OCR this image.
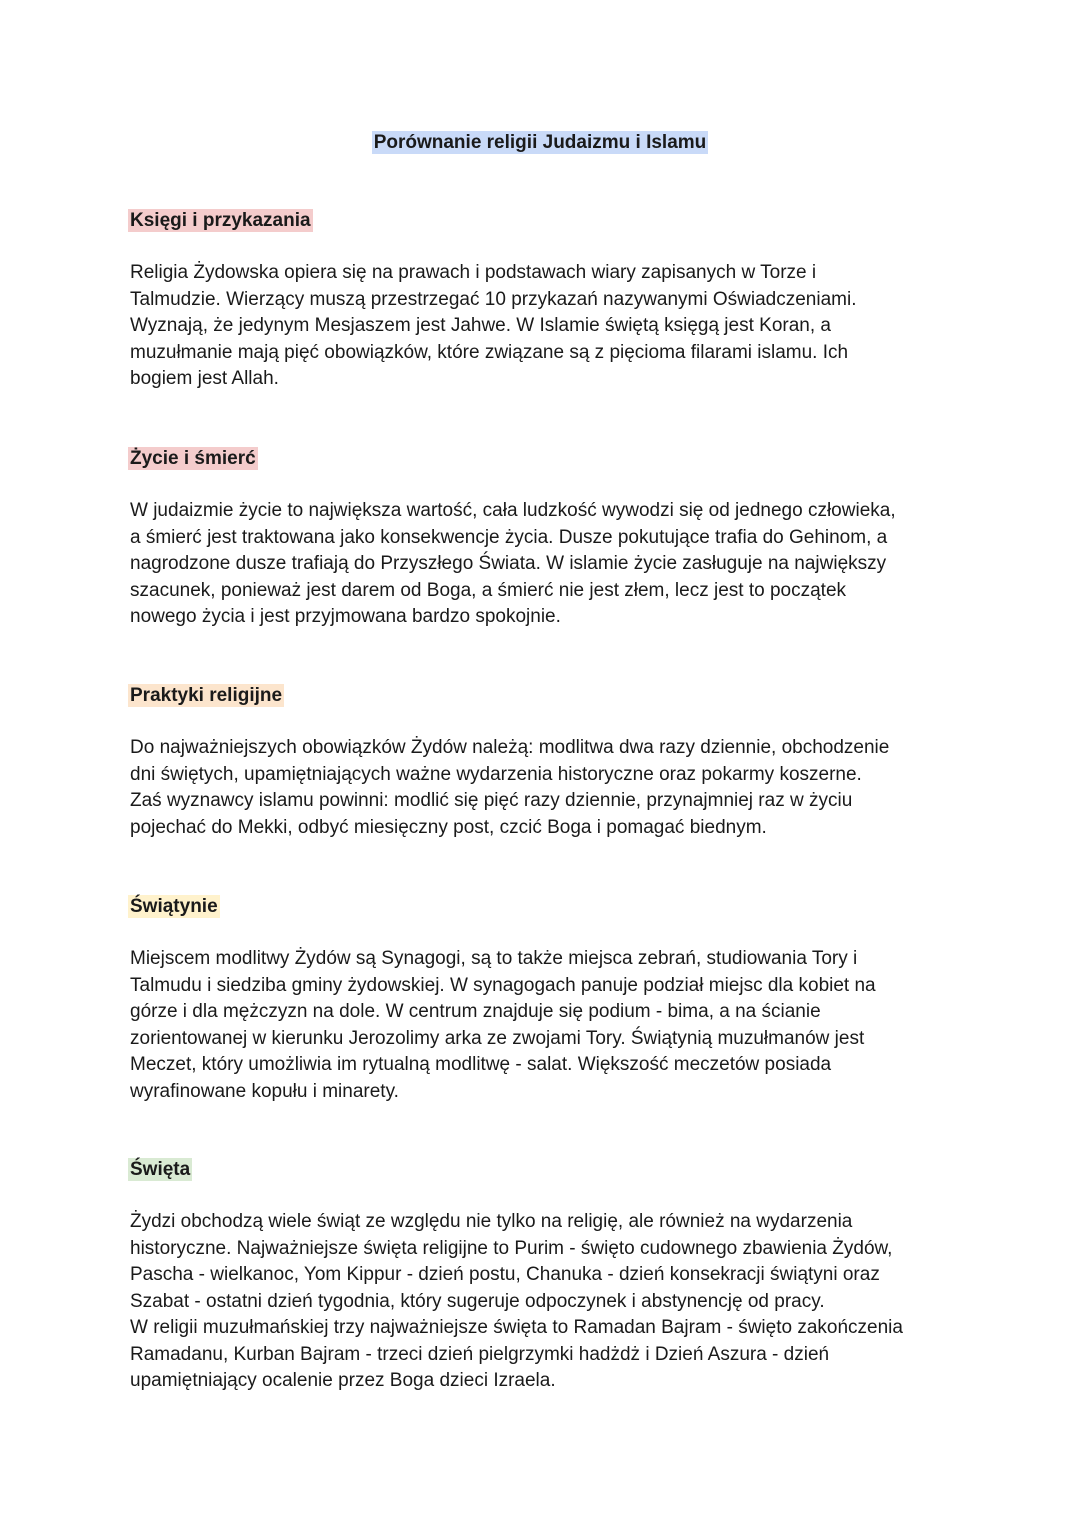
Porównanie religii Judaizmu i Islamu
Księgi i przykazania
Religia Żydowska opiera się na prawach i podstawach wiary zapisanych w Torze i
Talmudzie. Wierzący muszą przestrzegać 10 przykazań nazywanymi Oświadczeniami.
Wyznają, że jedynym Mesjaszem jest Jahwe. W Islamie świętą księgą jest Koran, a
muzułmanie mają pięć obowiązków, które związane są z pięcioma filarami islamu. Ich
bogiem jest Allah.
Życie i śmierć
W judaizmie życie to największa wartość, cała ludzkość wywodzi się od jednego człowieka,
a śmierć jest traktowana jako konsekwencje życia. Dusze pokutujące trafia do Gehinom, a
nagrodzone dusze trafiają do Przyszłego Świata. W islamie życie zasługuje na największy
szacunek, ponieważ jest darem od Boga, a śmierć nie jest złem, lecz jest to początek
nowego życia i jest przyjmowana bardzo spokojnie.
Praktyki religijne
Do najważniejszych obowiązków Żydów należą: modlitwa dwa razy dziennie, obchodzenie
dni świętych, upamiętniających ważne wydarzenia historyczne oraz pokarmy koszerne.
Zaś wyznawcy islamu powinni: modlić się pięć razy dziennie, przynajmniej raz w życiu
pojechać do Mekki, odbyć miesięczny post, czcić Boga i pomagać biednym.
Świątynie
Miejscem modlitwy Żydów są Synagogi, są to także miejsca zebrań, studiowania Tory i
Talmudu i siedziba gminy żydowskiej. W synagogach panuje podział miejsc dla kobiet na
górze i dla mężczyzn na dole. W centrum znajduje się podium - bima, a na ścianie
zorientowanej w kierunku Jerozolimy arka ze zwojami Tory. Świątynią muzułmanów jest
Meczet, który umożliwia im rytualną modlitwę - salat. Większość meczetów posiada
wyrafinowane kopułu i minarety.
Święta
Żydzi obchodzą wiele świąt ze względu nie tylko na religię, ale również na wydarzenia
historyczne. Najważniejsze święta religijne to Purim - święto cudownego zbawienia Żydów,
Pascha - wielkanoc, Yom Kippur - dzień postu, Chanuka - dzień konsekracji świątyni oraz
Szabat - ostatni dzień tygodnia, który sugeruje odpoczynek i abstynencję od pracy.
W religii muzułmańskiej trzy najważniejsze święta to Ramadan Bajram - święto zakończenia
Ramadanu, Kurban Bajram - trzeci dzień pielgrzymki hadżdż i Dzień Aszura - dzień
upamiętniający ocalenie przez Boga dzieci Izraela.
